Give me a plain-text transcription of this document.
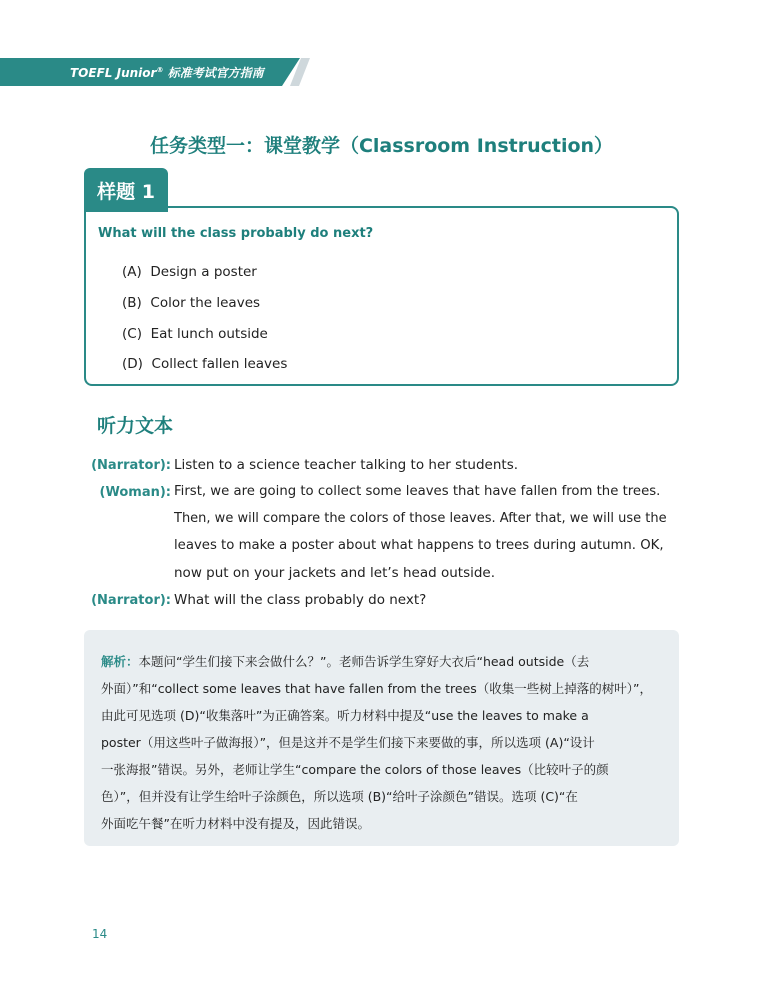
TOEFL Junior® 标准考试官方指南
任务类型一：课堂教学（Classroom Instruction）
样题 1
What will the class probably do next?
(A) Design a poster
(B) Color the leaves
(C) Eat lunch outside
(D) Collect fallen leaves
听力文本
(Narrator): Listen to a science teacher talking to her students.
(Woman): First, we are going to collect some leaves that have fallen from the trees.
Then, we will compare the colors of those leaves. After that, we will use the
leaves to make a poster about what happens to trees during autumn. OK,
now put on your jackets and let’s head outside.
(Narrator): What will the class probably do next?
解析：本题问“学生们接下来会做什么？”。老师告诉学生穿好大衣后“head outside（去
外面）”和“collect some leaves that have fallen from the trees（收集一些树上掉落的树叶）”，
由此可见选项 (D)“收集落叶”为正确答案。听力材料中提及“use the leaves to make a
poster（用这些叶子做海报）”，但是这并不是学生们接下来要做的事，所以选项 (A)“设计
一张海报”错误。另外，老师让学生“compare the colors of those leaves（比较叶子的颜
色）”，但并没有让学生给叶子涂颜色，所以选项 (B)“给叶子涂颜色”错误。选项 (C)“在
外面吃午餐”在听力材料中没有提及，因此错误。
14
